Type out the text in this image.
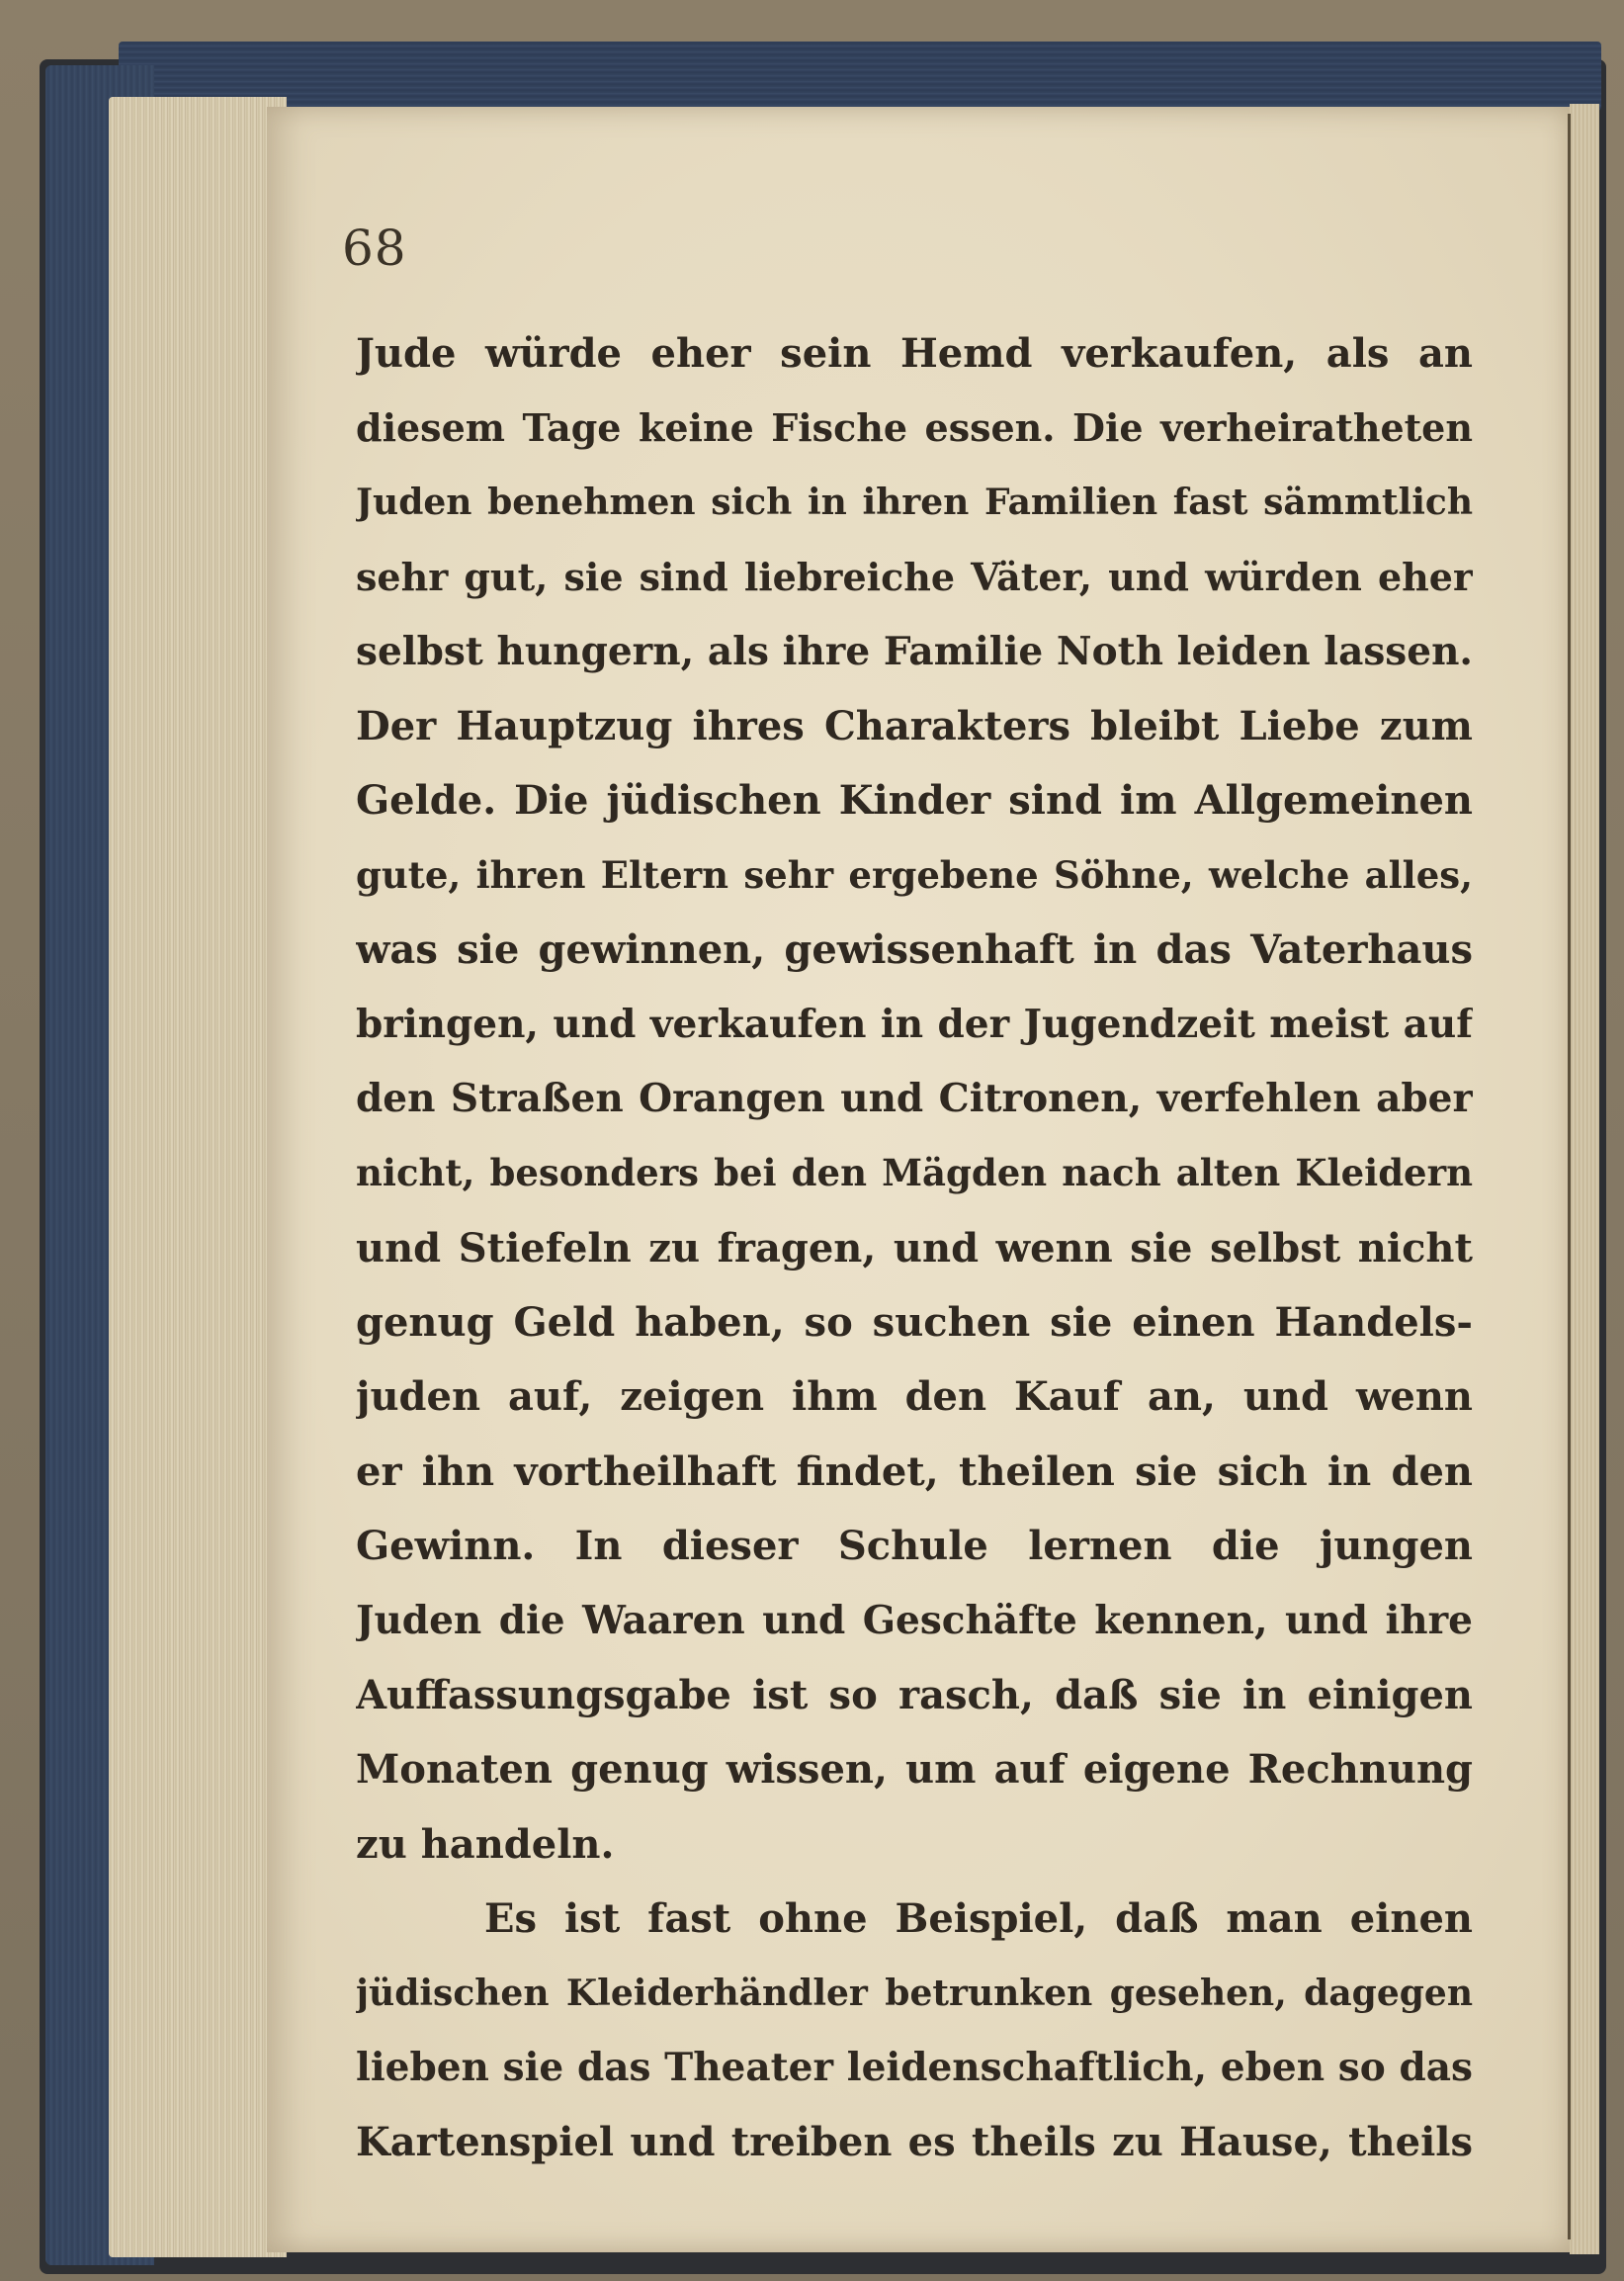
68
Jude würde eher sein Hemd verkaufen, als an
diesem Tage keine Fische essen. Die verheiratheten
Juden benehmen sich in ihren Familien fast sämmtlich
sehr gut, sie sind liebreiche Väter, und würden eher
selbst hungern, als ihre Familie Noth leiden lassen.
Der Hauptzug ihres Charakters bleibt Liebe zum
Gelde. Die jüdischen Kinder sind im Allgemeinen
gute, ihren Eltern sehr ergebene Söhne, welche alles,
was sie gewinnen, gewissenhaft in das Vaterhaus
bringen, und verkaufen in der Jugendzeit meist auf
den Straßen Orangen und Citronen, verfehlen aber
nicht, besonders bei den Mägden nach alten Kleidern
und Stiefeln zu fragen, und wenn sie selbst nicht
genug Geld haben, so suchen sie einen Handels-
juden auf, zeigen ihm den Kauf an, und wenn
er ihn vortheilhaft findet, theilen sie sich in den
Gewinn. In dieser Schule lernen die jungen
Juden die Waaren und Geschäfte kennen, und ihre
Auffassungsgabe ist so rasch, daß sie in einigen
Monaten genug wissen, um auf eigene Rechnung
zu handeln.
Es ist fast ohne Beispiel, daß man einen
jüdischen Kleiderhändler betrunken gesehen, dagegen
lieben sie das Theater leidenschaftlich, eben so das
Kartenspiel und treiben es theils zu Hause, theils
